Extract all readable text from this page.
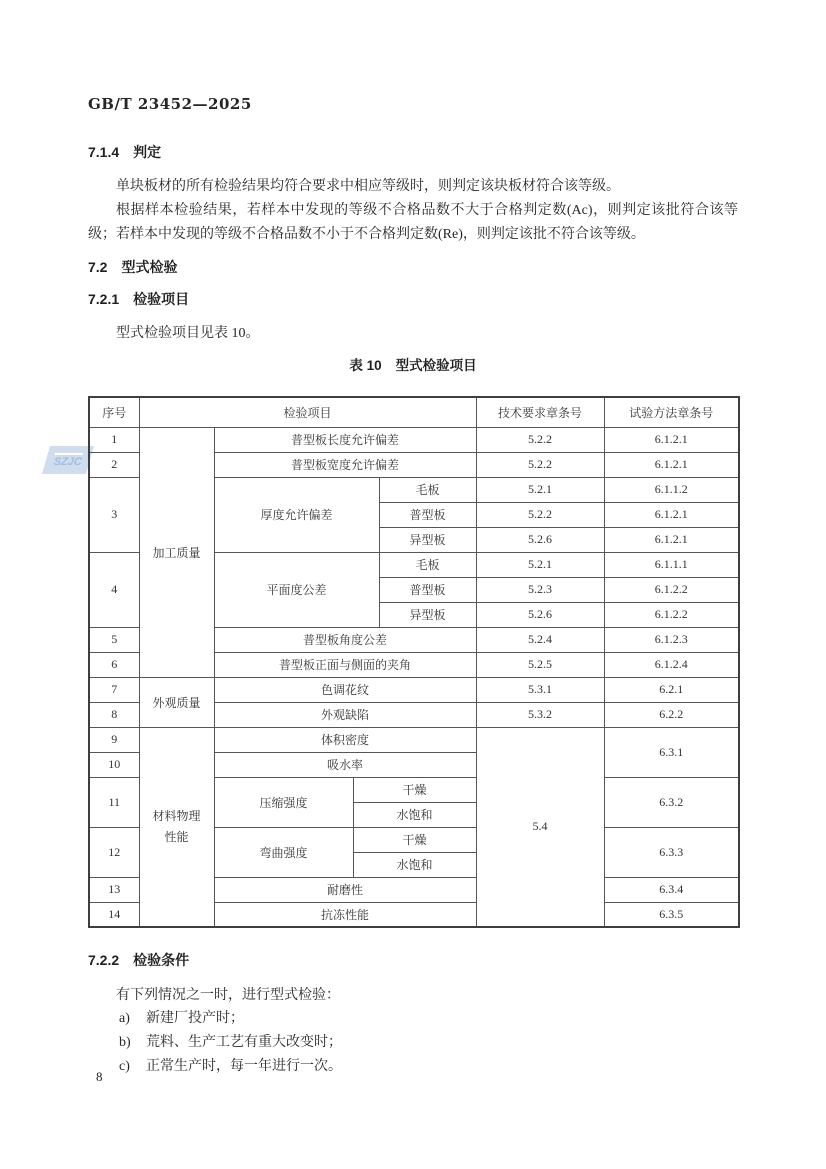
GB/T 23452—2025
SZJC
7.1.4 判定
单块板材的所有检验结果均符合要求中相应等级时，则判定该块板材符合该等级。
根据样本检验结果，若样本中发现的等级不合格品数不大于合格判定数(Ac)，则判定该批符合该等级；若样本中发现的等级不合格品数不小于不合格判定数(Re)，则判定该批不符合该等级。
7.2 型式检验
7.2.1 检验项目
型式检验项目见表 10。
表 10 型式检验项目
序号	检验项目				技术要求章条号	试验方法章条号
1	加工质量	普型板长度允许偏差			5.2.2	6.1.2.1
2		普型板宽度允许偏差			5.2.2	6.1.2.1
3		厚度允许偏差		毛板	5.2.1	6.1.1.2
				普型板	5.2.2	6.1.2.1
				异型板	5.2.6	6.1.2.1
4		平面度公差		毛板	5.2.1	6.1.1.1
				普型板	5.2.3	6.1.2.2
				异型板	5.2.6	6.1.2.2
5		普型板角度公差			5.2.4	6.1.2.3
6		普型板正面与侧面的夹角			5.2.5	6.1.2.4
7	外观质量	色调花纹			5.3.1	6.2.1
8		外观缺陷			5.3.2	6.2.2
9	材料物理性能	体积密度			5.4	6.3.1
10		吸水率				
11		压缩强度	干燥			6.3.2
			水饱和			
12		弯曲强度	干燥			6.3.3
			水饱和			
13		耐磨性				6.3.4
14		抗冻性能				6.3.5
7.2.2 检验条件
有下列情况之一时，进行型式检验：
a) 新建厂投产时；
b) 荒料、生产工艺有重大改变时；
c) 正常生产时，每一年进行一次。
8
